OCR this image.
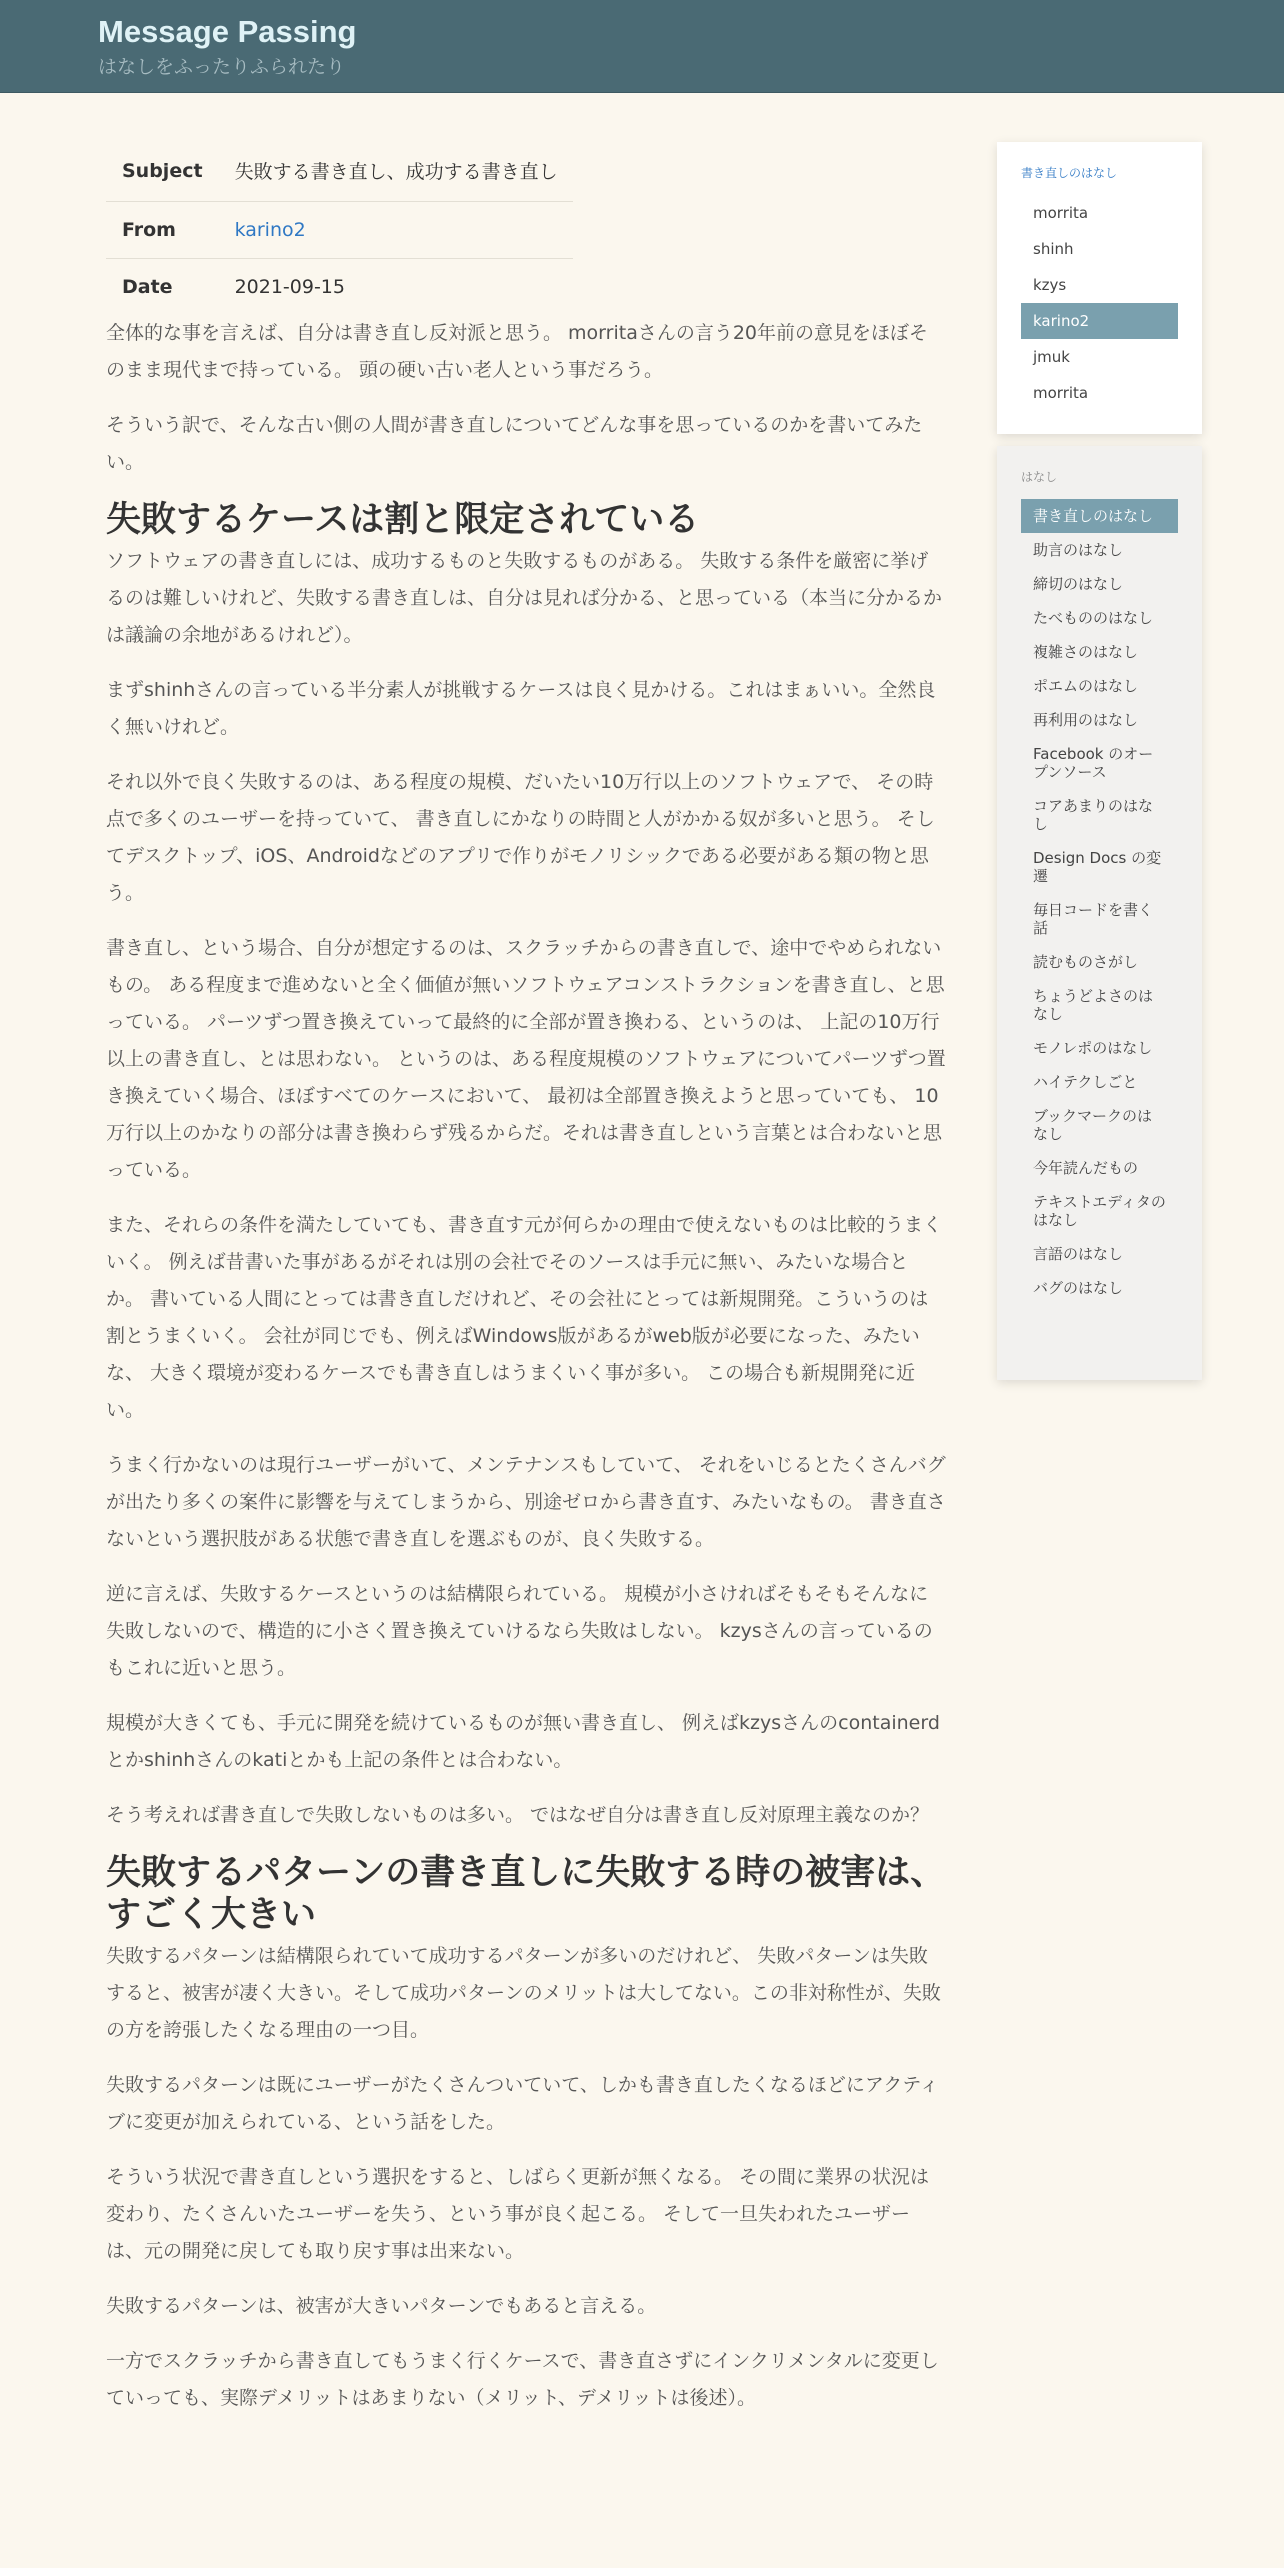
Message Passing
はなしをふったりふられたり
Subject	失敗する書き直し、成功する書き直し
From	karino2
Date	2021-09-15

全体的な事を言えば、自分は書き直し反対派と思う。 morritaさんの言う20年前の意見をほぼそのまま現代まで持っている。 頭の硬い古い老人という事だろう。

そういう訳で、そんな古い側の人間が書き直しについてどんな事を思っているのかを書いてみたい。

失敗するケースは割と限定されている

ソフトウェアの書き直しには、成功するものと失敗するものがある。 失敗する条件を厳密に挙げるのは難しいけれど、失敗する書き直しは、自分は見れば分かる、と思っている（本当に分かるかは議論の余地があるけれど）。

まずshinhさんの言っている半分素人が挑戦するケースは良く見かける。これはまぁいい。全然良く無いけれど。

それ以外で良く失敗するのは、ある程度の規模、だいたい10万行以上のソフトウェアで、 その時点で多くのユーザーを持っていて、 書き直しにかなりの時間と人がかかる奴が多いと思う。 そしてデスクトップ、iOS、Androidなどのアプリで作りがモノリシックである必要がある類の物と思う。

書き直し、という場合、自分が想定するのは、スクラッチからの書き直しで、途中でやめられないもの。 ある程度まで進めないと全く価値が無いソフトウェアコンストラクションを書き直し、と思っている。 パーツずつ置き換えていって最終的に全部が置き換わる、というのは、 上記の10万行以上の書き直し、とは思わない。 というのは、ある程度規模のソフトウェアについてパーツずつ置き換えていく場合、ほぼすべてのケースにおいて、 最初は全部置き換えようと思っていても、 10万行以上のかなりの部分は書き換わらず残るからだ。それは書き直しという言葉とは合わないと思っている。

また、それらの条件を満たしていても、書き直す元が何らかの理由で使えないものは比較的うまくいく。 例えば昔書いた事があるがそれは別の会社でそのソースは手元に無い、みたいな場合とか。 書いている人間にとっては書き直しだけれど、その会社にとっては新規開発。こういうのは割とうまくいく。 会社が同じでも、例えばWindows版があるがweb版が必要になった、みたいな、 大きく環境が変わるケースでも書き直しはうまくいく事が多い。 この場合も新規開発に近い。

うまく行かないのは現行ユーザーがいて、メンテナンスもしていて、 それをいじるとたくさんバグが出たり多くの案件に影響を与えてしまうから、別途ゼロから書き直す、みたいなもの。 書き直さないという選択肢がある状態で書き直しを選ぶものが、良く失敗する。

逆に言えば、失敗するケースというのは結構限られている。 規模が小さければそもそもそんなに失敗しないので、構造的に小さく置き換えていけるなら失敗はしない。 kzysさんの言っているのもこれに近いと思う。

規模が大きくても、手元に開発を続けているものが無い書き直し、 例えばkzysさんのcontainerdとかshinhさんのkatiとかも上記の条件とは合わない。

そう考えれば書き直しで失敗しないものは多い。 ではなぜ自分は書き直し反対原理主義なのか？

失敗するパターンの書き直しに失敗する時の被害は、すごく大きい

失敗するパターンは結構限られていて成功するパターンが多いのだけれど、 失敗パターンは失敗すると、被害が凄く大きい。そして成功パターンのメリットは大してない。この非対称性が、失敗の方を誇張したくなる理由の一つ目。

失敗するパターンは既にユーザーがたくさんついていて、しかも書き直したくなるほどにアクティブに変更が加えられている、という話をした。

そういう状況で書き直しという選択をすると、しばらく更新が無くなる。 その間に業界の状況は変わり、たくさんいたユーザーを失う、という事が良く起こる。 そして一旦失われたユーザーは、元の開発に戻しても取り戻す事は出来ない。

失敗するパターンは、被害が大きいパターンでもあると言える。

一方でスクラッチから書き直してもうまく行くケースで、書き直さずにインクリメンタルに変更していっても、実際デメリットはあまりない（メリット、デメリットは後述）。

書き直しのはなし
morrita
shinh
kzys
karino2
jmuk
morrita
はなし
書き直しのはなし
助言のはなし
締切のはなし
たべもののはなし
複雑さのはなし
ポエムのはなし
再利用のはなし
Facebook のオープンソース
コアあまりのはなし
Design Docs の変遷
毎日コードを書く話
読むものさがし
ちょうどよさのはなし
モノレポのはなし
ハイテクしごと
ブックマークのはなし
今年読んだもの
テキストエディタのはなし
言語のはなし
バグのはなし
